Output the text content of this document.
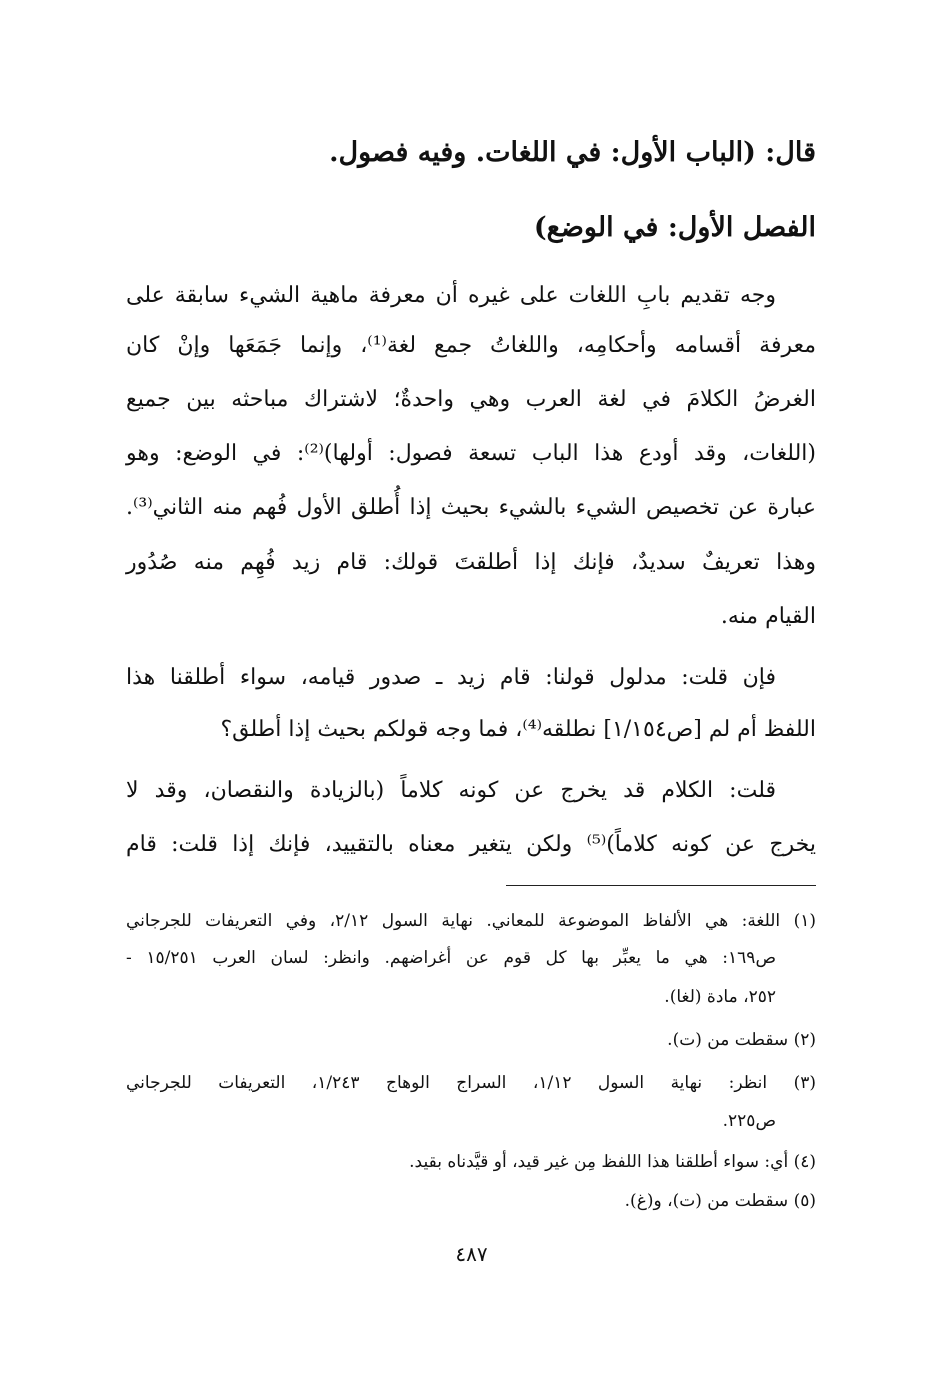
قال: (الباب الأول: في اللغات. وفيه فصول.
الفصل الأول: في الوضع)
وجه تقديم بابِ اللغات على غيره أن معرفة ماهية الشيء سابقة على
معرفة أقسامه وأحكامِه، واللغاتُ جمع لغة⁽¹⁾، وإنما جَمَعَها وإنْ كان
الغرضُ الكلامَ في لغة العرب وهي واحدةٌ؛ لاشتراك مباحثه بين جميع
(اللغات، وقد أودع هذا الباب تسعة فصول: أولها)⁽²⁾: في الوضع: وهو
عبارة عن تخصيص الشيء بالشيء بحيث إذا أُطلق الأول فُهم منه الثاني⁽³⁾.
وهذا تعريفٌ سديدٌ، فإنك إذا أطلقتَ قولك: قام زيد فُهِم منه صُدُور
القيام منه.
فإن قلت: مدلول قولنا: قام زيد ـ صدور قيامه، سواء أطلقنا هذا
اللفظ أم لم [ص١/١٥٤] نطلقه⁽⁴⁾، فما وجه قولكم بحيث إذا أطلق؟
قلت: الكلام قد يخرج عن كونه كلاماً (بالزيادة والنقصان، وقد لا
يخرج عن كونه كلاماً)⁽⁵⁾ ولكن يتغير معناه بالتقييد، فإنك إذا قلت: قام
(١) اللغة: هي الألفاظ الموضوعة للمعاني. نهاية السول ٢/١٢، وفي التعريفات للجرجاني
ص١٦٩: هي ما يعبِّر بها كل قوم عن أغراضهم. وانظر: لسان العرب ١٥/٢٥١ -
٢٥٢، مادة (لغا).
(٢) سقطت من (ت).
(٣) انظر: نهاية السول ١/١٢، السراج الوهاج ١/٢٤٣، التعريفات للجرجاني
ص٢٢٥.
(٤) أي: سواء أطلقنا هذا اللفظ مِن غير قيد، أو قيَّدناه بقيد.
(٥) سقطت من (ت)، و(غ).
٤٨٧
